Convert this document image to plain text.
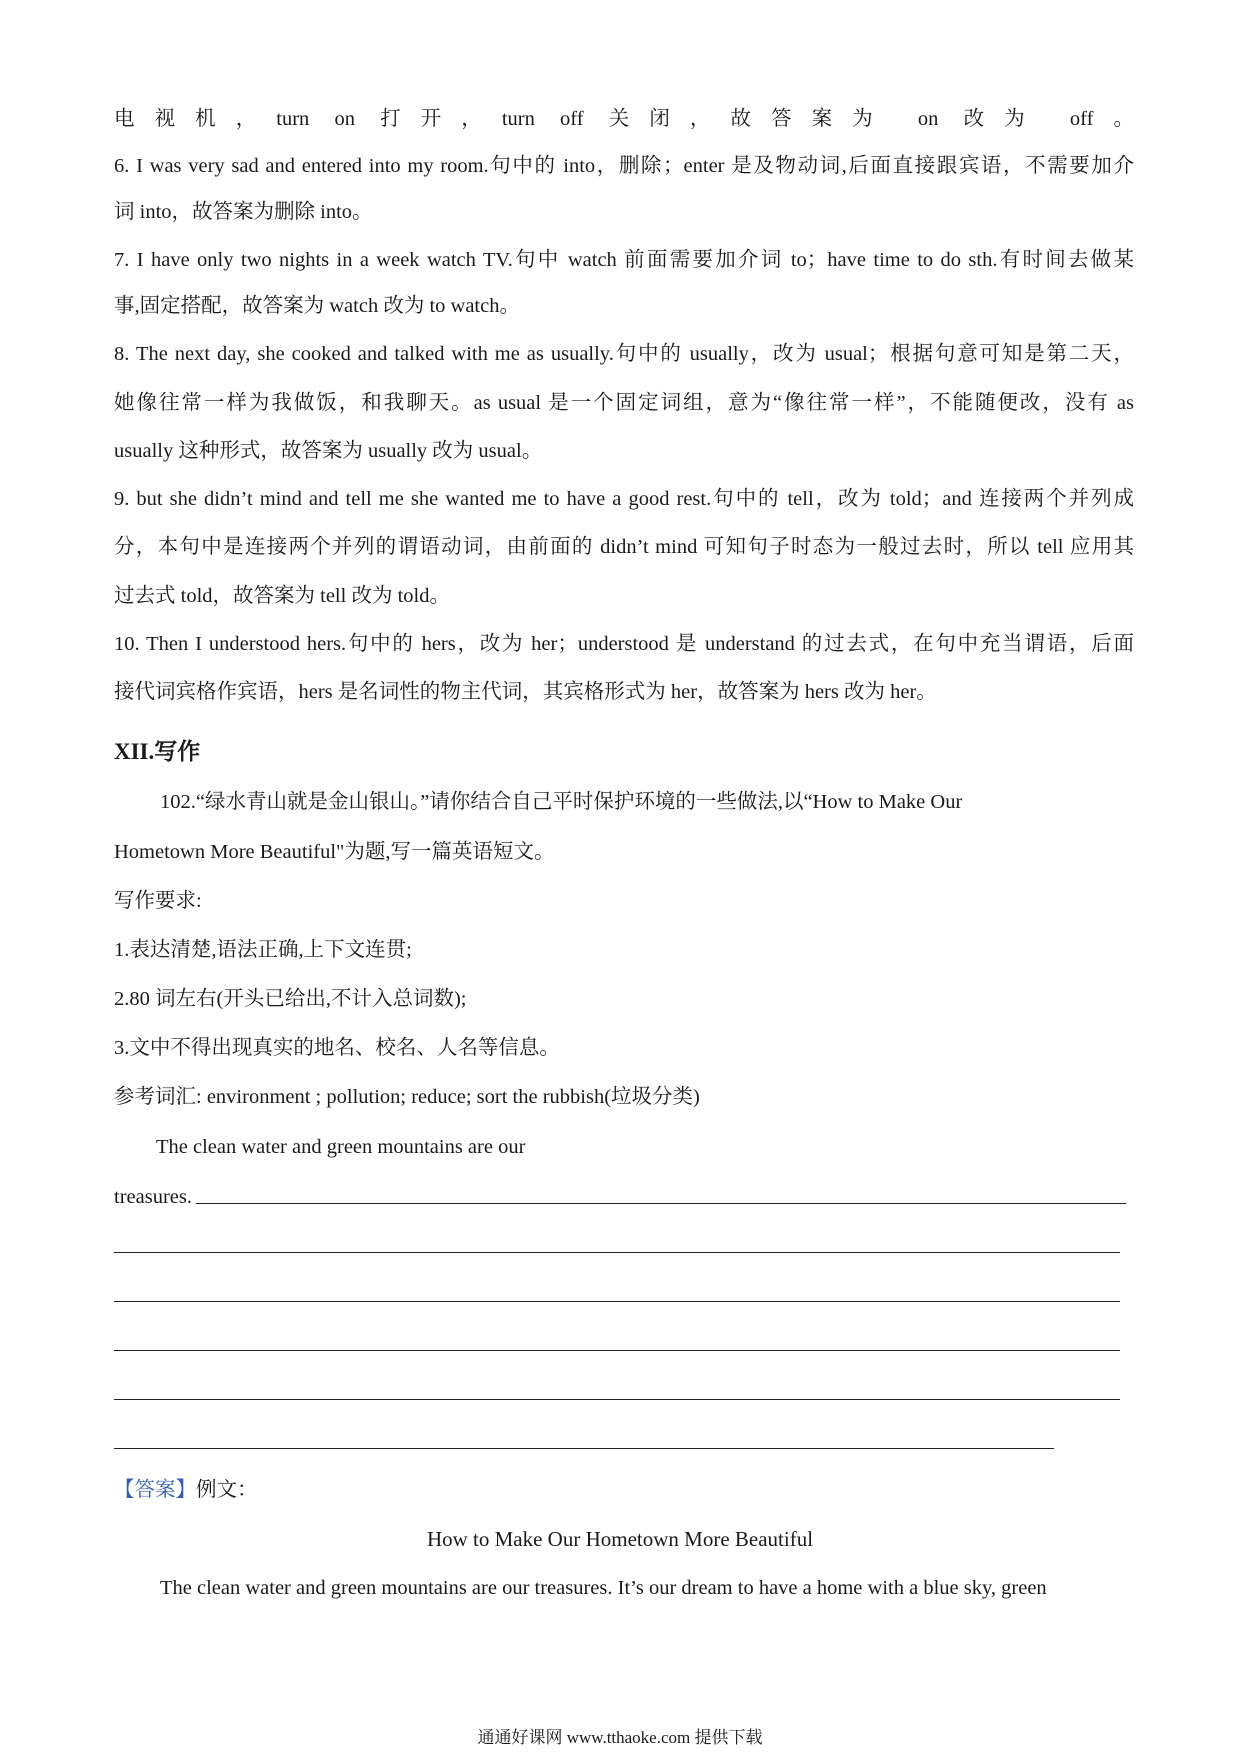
电视机，turn on 打开，turn off 关闭，故答案为 on 改为 off。
6. I was very sad and entered into my room.句中的 into，删除；enter 是及物动词,后面直接跟宾语，不需要加介
词 into，故答案为删除 into。
7. I have only two nights in a week watch TV.句中 watch 前面需要加介词 to；have time to do sth.有时间去做某
事,固定搭配，故答案为 watch 改为 to watch。
8. The next day, she cooked and talked with me as usually.句中的 usually，改为 usual；根据句意可知是第二天，
她像往常一样为我做饭，和我聊天。as usual 是一个固定词组，意为“像往常一样”，不能随便改，没有 as
usually 这种形式，故答案为 usually 改为 usual。
9. but she didn’t mind and tell me she wanted me to have a good rest.句中的 tell，改为 told；and 连接两个并列成
分，本句中是连接两个并列的谓语动词，由前面的 didn’t mind 可知句子时态为一般过去时，所以 tell 应用其
过去式 told，故答案为 tell 改为 told。
10. Then I understood hers.句中的 hers，改为 her；understood 是 understand 的过去式，在句中充当谓语，后面
接代词宾格作宾语，hers 是名词性的物主代词，其宾格形式为 her，故答案为 hers 改为 her。
XII.写作
102.“绿水青山就是金山银山。”请你结合自己平时保护环境的一些做法,以“How to Make Our
Hometown More Beautiful"为题,写一篇英语短文。
写作要求:
1.表达清楚,语法正确,上下文连贯;
2.80 词左右(开头已给出,不计入总词数);
3.文中不得出现真实的地名、校名、人名等信息。
参考词汇: environment ; pollution; reduce; sort the rubbish(垃圾分类)
The clean water and green mountains are our
treasures.
【答案】例文：
How to Make Our Hometown More Beautiful
The clean water and green mountains are our treasures. It’s our dream to have a home with a blue sky, green
通通好课网 www.tthaoke.com 提供下载
